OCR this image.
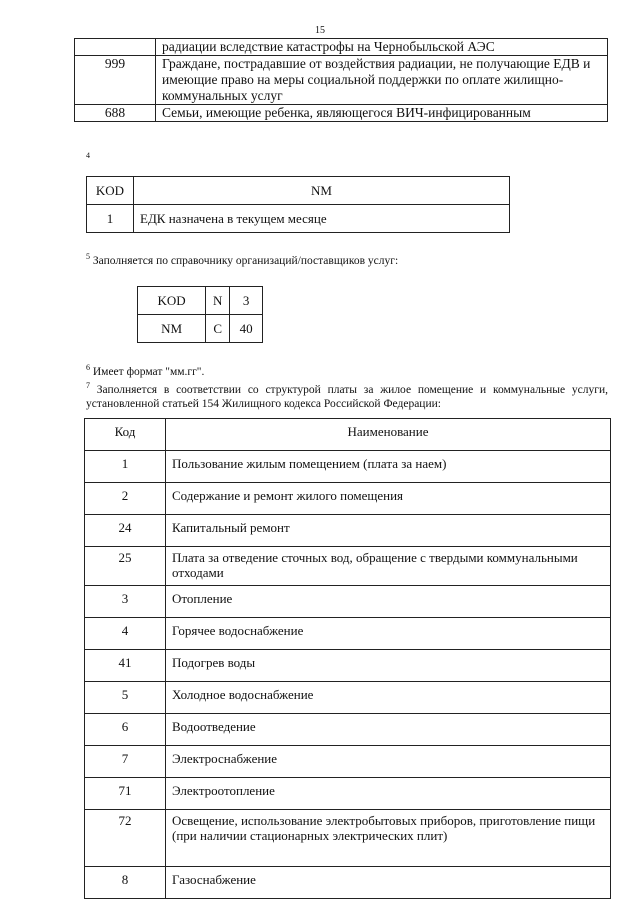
15
	радиации вследствие катастрофы на Чернобыльской АЭС
999	Граждане, пострадавшие от воздействия радиации, не получающие ЕДВ и имеющие право на меры социальной поддержки по оплате жилищно-коммунальных услуг
688	Семьи, имеющие ребенка, являющегося ВИЧ-инфицированным
4
KOD	NM
1	ЕДК назначена в текущем месяце
$^5$ Заполняется по справочнику организаций/поставщиков услуг:
KOD	N	3
NM	C	40
$^6$ Имеет формат "мм.гг".
$^7$ Заполняется в соответствии со структурой платы за жилое помещение и коммунальные услуги, установленной статьей 154 Жилищного кодекса Российской Федерации:
Код	Наименование
1	Пользование жилым помещением (плата за наем)
2	Содержание и ремонт жилого помещения
24	Капитальный ремонт
25	Плата за отведение сточных вод, обращение с твердыми коммунальными отходами
3	Отопление
4	Горячее водоснабжение
41	Подогрев воды
5	Холодное водоснабжение
6	Водоотведение
7	Электроснабжение
71	Электроотопление
72	Освещение, использование электробытовых приборов, приготовление пищи (при наличии стационарных электрических плит)
8	Газоснабжение
